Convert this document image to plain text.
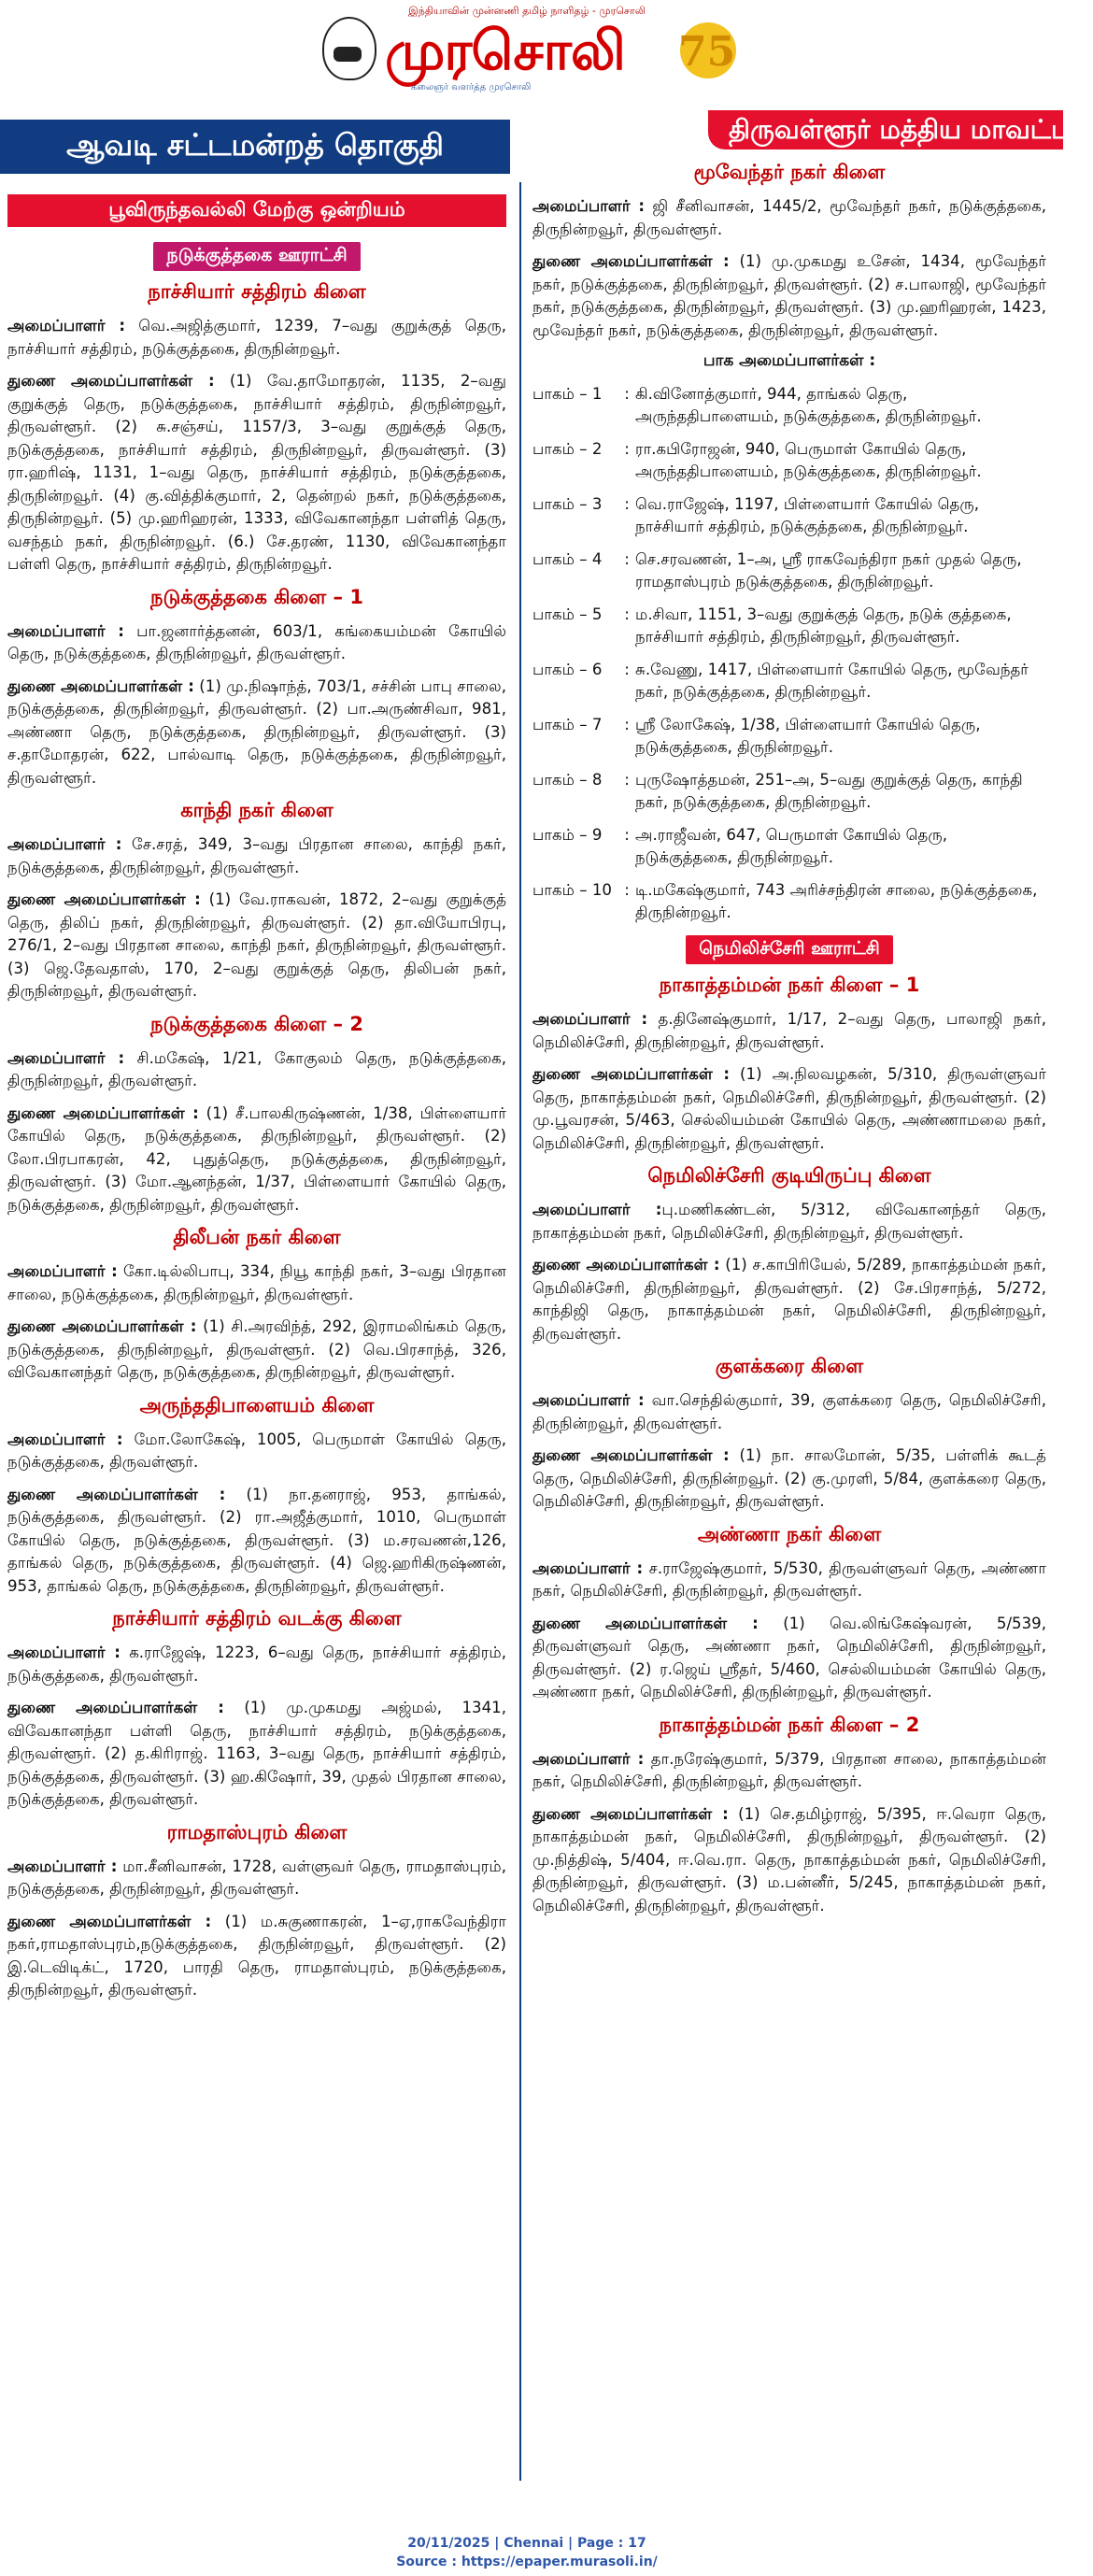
இந்தியாவின் முன்னணி தமிழ் நாளிதழ் - முரசொலி
முரசொலி
கலைஞர் வளர்த்த முரசொலி
75
ஆவடி சட்டமன்றத் தொகுதி	திருவள்ளூர் மத்திய மாவட்டம்
பூவிருந்தவல்லி மேற்கு ஒன்றியம்
நடுக்குத்தகை ஊராட்சி
நாச்சியார் சத்திரம் கிளை

அமைப்பாளர் : வெ.அஜித்குமார், 1239, 7–வது குறுக்குத் தெரு, நாச்சியார் சத்திரம், நடுக்குத்தகை, திருநின்றவூர்.

துணை அமைப்பாளர்கள் : (1) வே.தாமோதரன், 1135, 2–வது குறுக்குத் தெரு, நடுக்குத்தகை, நாச்சியார் சத்திரம், திருநின்றவூர், திருவள்ளூர். (2) சு.சஞ்சய், 1157/3, 3–வது குறுக்குத் தெரு, நடுக்குத்தகை, நாச்சியார் சத்திரம், திருநின்றவூர், திருவள்ளூர். (3) ரா.ஹரிஷ், 1131, 1–வது தெரு, நாச்சியார் சத்திரம், நடுக்குத்தகை, திருநின்றவூர். (4) கு.வித்திக்குமார், 2, தென்றல் நகர், நடுக்குத்தகை, திருநின்றவூர். (5) மு.ஹரிஹரன், 1333, விவேகானந்தா பள்ளித் தெரு, வசந்தம் நகர், திருநின்றவூர். (6.) சே.தரண், 1130, விவேகானந்தா பள்ளி தெரு, நாச்சியார் சத்திரம், திருநின்றவூர்.

நடுக்குத்தகை கிளை – 1

அமைப்பாளர் : பா.ஜனார்த்தனன், 603/1, கங்கையம்மன் கோயில் தெரு, நடுக்குத்தகை, திருநின்றவூர், திருவள்ளூர்.

துணை அமைப்பாளர்கள் : (1) மு.நிஷாந்த், 703/1, சச்சின் பாபு சாலை, நடுக்குத்தகை, திருநின்றவூர், திருவள்ளூர். (2) பா.அருண்சிவா, 981, அண்ணா தெரு, நடுக்குத்தகை, திருநின்றவூர், திருவள்ளூர். (3) ச.தாமோதரன், 622, பால்வாடி தெரு, நடுக்குத்தகை, திருநின்றவூர், திருவள்ளூர்.

காந்தி நகர் கிளை

அமைப்பாளர் : சே.சரத், 349, 3–வது பிரதான சாலை, காந்தி நகர், நடுக்குத்தகை, திருநின்றவூர், திருவள்ளூர்.

துணை அமைப்பாளர்கள் : (1) வே.ராகவன், 1872, 2–வது குறுக்குத் தெரு, திலிப் நகர், திருநின்றவூர், திருவள்ளூர். (2) தா.வியோபிரபு, 276/1, 2–வது பிரதான சாலை, காந்தி நகர், திருநின்றவூர், திருவள்ளூர். (3) ஜெ.தேவதாஸ், 170, 2–வது குறுக்குத் தெரு, திலிபன் நகர், திருநின்றவூர், திருவள்ளூர்.

நடுக்குத்தகை கிளை – 2

அமைப்பாளர் : சி.மகேஷ், 1/21, கோகுலம் தெரு, நடுக்குத்தகை, திருநின்றவூர், திருவள்ளூர்.

துணை அமைப்பாளர்கள் : (1) சீ.பாலகிருஷ்ணன், 1/38, பிள்ளையார் கோயில் தெரு, நடுக்குத்தகை, திருநின்றவூர், திருவள்ளூர். (2) லோ.பிரபாகரன், 42, புதுத்தெரு, நடுக்குத்தகை, திருநின்றவூர், திருவள்ளூர். (3) மோ.ஆனந்தன், 1/37, பிள்ளையார் கோயில் தெரு, நடுக்குத்தகை, திருநின்றவூர், திருவள்ளூர்.

திலீபன் நகர் கிளை

அமைப்பாளர் : கோ.டில்லிபாபு, 334, நியூ காந்தி நகர், 3–வது பிரதான சாலை, நடுக்குத்தகை, திருநின்றவூர், திருவள்ளூர்.

துணை அமைப்பாளர்கள் : (1) சி.அரவிந்த், 292, இராமலிங்கம் தெரு, நடுக்குத்தகை, திருநின்றவூர், திருவள்ளூர். (2) வெ.பிரசாந்த், 326, விவேகானந்தர் தெரு, நடுக்குத்தகை, திருநின்றவூர், திருவள்ளூர்.

அருந்ததிபாளையம் கிளை

அமைப்பாளர் : மோ.லோகேஷ், 1005, பெருமாள் கோயில் தெரு, நடுக்குத்தகை, திருவள்ளூர்.

துணை அமைப்பாளர்கள் : (1) நா.தனராஜ், 953, தாங்கல், நடுக்குத்தகை, திருவள்ளூர். (2) ரா.அஜீத்குமார், 1010, பெருமாள் கோயில் தெரு, நடுக்குத்தகை, திருவள்ளூர். (3) ம.சரவணன்,126, தாங்கல் தெரு, நடுக்குத்தகை, திருவள்ளூர். (4) ஜெ.ஹரிகிருஷ்ணன், 953, தாங்கல் தெரு, நடுக்குத்தகை, திருநின்றவூர், திருவள்ளூர்.

நாச்சியார் சத்திரம் வடக்கு கிளை

அமைப்பாளர் : க.ராஜேஷ், 1223, 6–வது தெரு, நாச்சியார் சத்திரம், நடுக்குத்தகை, திருவள்ளூர்.

துணை அமைப்பாளர்கள் : (1) மு.முகமது அஜ்மல், 1341, விவேகானந்தா பள்ளி தெரு, நாச்சியார் சத்திரம், நடுக்குத்தகை, திருவள்ளூர். (2) த.கிரிராஜ். 1163, 3–வது தெரு, நாச்சியார் சத்திரம், நடுக்குத்தகை, திருவள்ளூர். (3) ஹ.கிஷோர், 39, முதல் பிரதான சாலை, நடுக்குத்தகை, திருவள்ளூர்.

ராமதாஸ்புரம் கிளை

அமைப்பாளர் : மா.சீனிவாசன், 1728, வள்ளுவர் தெரு, ராமதாஸ்புரம், நடுக்குத்தகை, திருநின்றவூர், திருவள்ளூர்.

துணை அமைப்பாளர்கள் : (1) ம.சுகுணாகரன், 1–ஏ,ராகவேந்திரா நகர்,ராமதாஸ்புரம்,நடுக்குத்தகை, திருநின்றவூர், திருவள்ளூர். (2) இ.டெவிடிக்ட், 1720, பாரதி தெரு, ராமதாஸ்புரம், நடுக்குத்தகை, திருநின்றவூர், திருவள்ளூர்.

மூவேந்தர் நகர் கிளை

அமைப்பாளர் : ஜி சீனிவாசன், 1445/2, மூவேந்தர் நகர், நடுக்குத்தகை, திருநின்றவூர், திருவள்ளூர்.

துணை அமைப்பாளர்கள் : (1) மு.முகமது உசேன், 1434, மூவேந்தர் நகர், நடுக்குத்தகை, திருநின்றவூர், திருவள்ளூர். (2) ச.பாலாஜி, மூவேந்தர் நகர், நடுக்குத்தகை, திருநின்றவூர், திருவள்ளூர். (3) மு.ஹரிஹரன், 1423, மூவேந்தர் நகர், நடுக்குத்தகை, திருநின்றவூர், திருவள்ளூர்.

பாக அமைப்பாளர்கள் :
பாகம் – 1	: கி.வினோத்குமார், 944, தாங்கல் தெரு, அருந்ததிபாளையம், நடுக்குத்தகை, திருநின்றவூர்.
பாகம் – 2	: ரா.கபிரோஜன், 940, பெருமாள் கோயில் தெரு, அருந்ததிபாளையம், நடுக்குத்தகை, திருநின்றவூர்.
பாகம் – 3	: வெ.ராஜேஷ், 1197, பிள்ளையார் கோயில் தெரு, நாச்சியார் சத்திரம், நடுக்குத்தகை, திருநின்றவூர்.
பாகம் – 4	: செ.சரவணன், 1–அ, ஸ்ரீ ராகவேந்திரா நகர் முதல் தெரு, ராமதாஸ்புரம் நடுக்குத்தகை, திருநின்றவூர்.
பாகம் – 5	: ம.சிவா, 1151, 3–வது குறுக்குத் தெரு, நடுக் குத்தகை, நாச்சியார் சத்திரம், திருநின்றவூர், திருவள்ளூர்.
பாகம் – 6	: சு.வேணு, 1417, பிள்ளையார் கோயில் தெரு, மூவேந்தர் நகர், நடுக்குத்தகை, திருநின்றவூர்.
பாகம் – 7	: ஸ்ரீ லோகேஷ், 1/38, பிள்ளையார் கோயில் தெரு, நடுக்குத்தகை, திருநின்றவூர்.
பாகம் – 8	: புருஷோத்தமன், 251–அ, 5–வது குறுக்குத் தெரு, காந்தி நகர், நடுக்குத்தகை, திருநின்றவூர்.
பாகம் – 9	: அ.ராஜீவன், 647, பெருமாள் கோயில் தெரு, நடுக்குத்தகை, திருநின்றவூர்.
பாகம் – 10 : டி.மகேஷ்குமார், 743 அரிச்சந்திரன் சாலை, நடுக்குத்தகை, திருநின்றவூர்.
நெமிலிச்சேரி ஊராட்சி
நாகாத்தம்மன் நகர் கிளை – 1

அமைப்பாளர் : த.தினேஷ்குமார், 1/17, 2–வது தெரு, பாலாஜி நகர், நெமிலிச்சேரி, திருநின்றவூர், திருவள்ளூர்.

துணை அமைப்பாளர்கள் : (1) அ.நிலவழகன், 5/310, திருவள்ளுவர் தெரு, நாகாத்தம்மன் நகர், நெமிலிச்சேரி, திருநின்றவூர், திருவள்ளூர். (2) மு.பூவரசன், 5/463, செல்லியம்மன் கோயில் தெரு, அண்ணாமலை நகர், நெமிலிச்சேரி, திருநின்றவூர், திருவள்ளூர்.

நெமிலிச்சேரி குடியிருப்பு கிளை

அமைப்பாளர் :பு.மணிகண்டன், 5/312, விவேகானந்தர் தெரு, நாகாத்தம்மன் நகர், நெமிலிச்சேரி, திருநின்றவூர், திருவள்ளூர்.

துணை அமைப்பாளர்கள் : (1) ச.காபிரியேல், 5/289, நாகாத்தம்மன் நகர், நெமிலிச்சேரி, திருநின்றவூர், திருவள்ளூர். (2) சே.பிரசாந்த், 5/272, காந்திஜி தெரு, நாகாத்தம்மன் நகர், நெமிலிச்சேரி, திருநின்றவூர், திருவள்ளூர்.

குளக்கரை கிளை

அமைப்பாளர் : வா.செந்தில்குமார், 39, குளக்கரை தெரு, நெமிலிச்சேரி, திருநின்றவூர், திருவள்ளூர்.

துணை அமைப்பாளர்கள் : (1) நா. சாலமோன், 5/35, பள்ளிக் கூடத் தெரு, நெமிலிச்சேரி, திருநின்றவூர். (2) கு.முரளி, 5/84, குளக்கரை தெரு, நெமிலிச்சேரி, திருநின்றவூர், திருவள்ளூர்.

அண்ணா நகர் கிளை

அமைப்பாளர் : ச.ராஜேஷ்குமார், 5/530, திருவள்ளுவர் தெரு, அண்ணா நகர், நெமிலிச்சேரி, திருநின்றவூர், திருவள்ளூர்.

துணை அமைப்பாளர்கள் : (1) வெ.லிங்கேஷ்வரன், 5/539, திருவள்ளுவர் தெரு, அண்ணா நகர், நெமிலிச்சேரி, திருநின்றவூர், திருவள்ளூர். (2) ர.ஜெய் ஸ்ரீதர், 5/460, செல்லியம்மன் கோயில் தெரு, அண்ணா நகர், நெமிலிச்சேரி, திருநின்றவூர், திருவள்ளூர்.

நாகாத்தம்மன் நகர் கிளை – 2

அமைப்பாளர் : தா.நரேஷ்குமார், 5/379, பிரதான சாலை, நாகாத்தம்மன் நகர், நெமிலிச்சேரி, திருநின்றவூர், திருவள்ளூர்.

துணை அமைப்பாளர்கள் : (1) செ.தமிழ்ராஜ், 5/395, ஈ.வெரா தெரு, நாகாத்தம்மன் நகர், நெமிலிச்சேரி, திருநின்றவூர், திருவள்ளூர். (2) மு.நித்திஷ், 5/404, ஈ.வெ.ரா. தெரு, நாகாத்தம்மன் நகர், நெமிலிச்சேரி, திருநின்றவூர், திருவள்ளூர். (3) ம.பன்னீர், 5/245, நாகாத்தம்மன் நகர், நெமிலிச்சேரி, திருநின்றவூர், திருவள்ளூர்.

20/11/2025 | Chennai | Page : 17
Source : https://epaper.murasoli.in/
